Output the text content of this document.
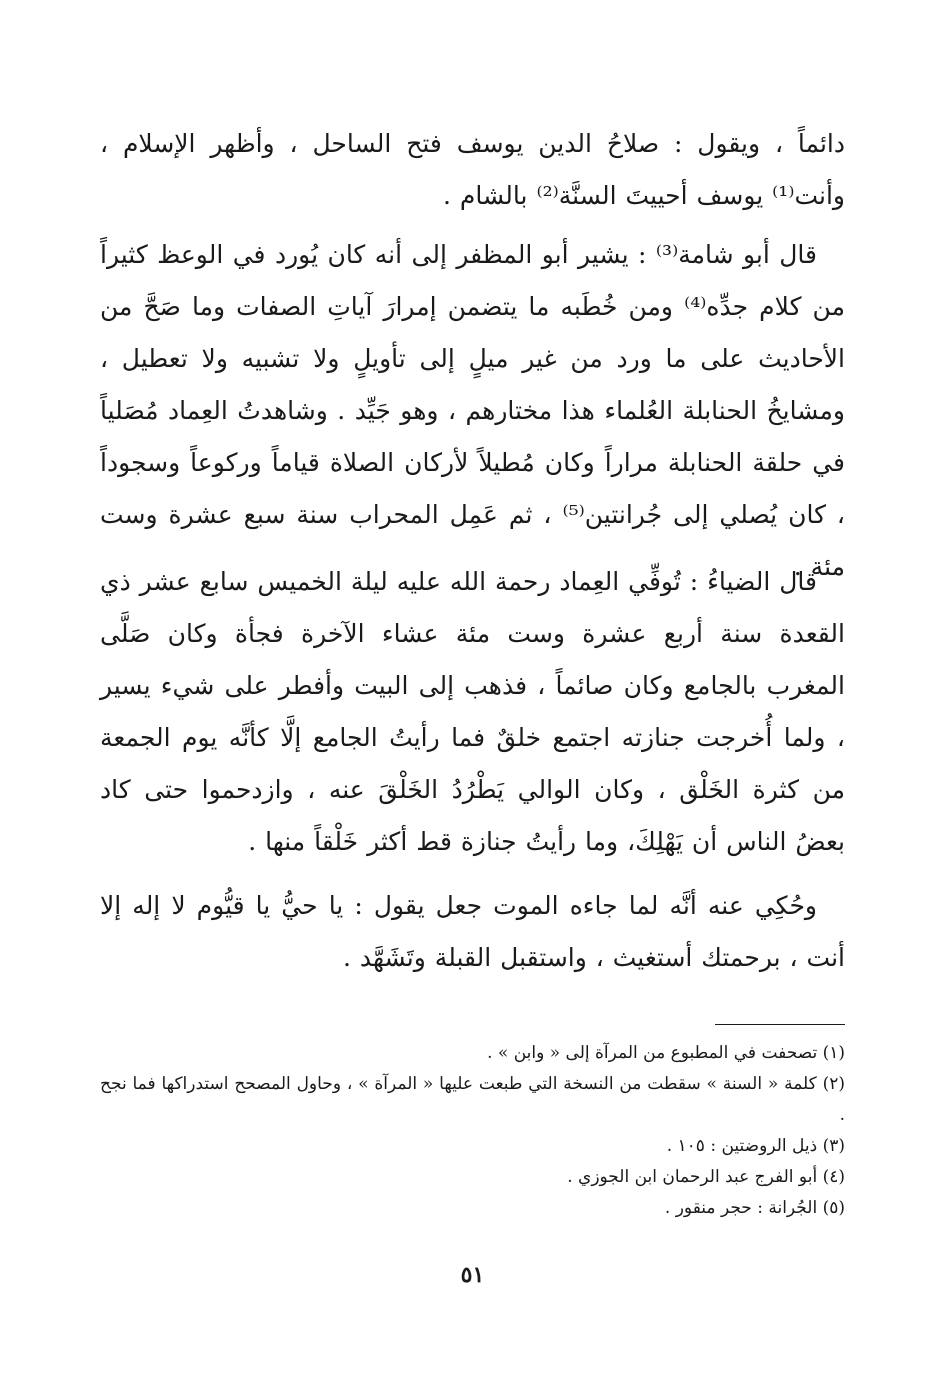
دائماً ، ويقول : صلاحُ الدين يوسف فتح الساحل ، وأظهر الإسلام ، وأنت⁽¹⁾ يوسف أحييتَ السنَّة⁽²⁾ بالشام .

قال أبو شامة⁽³⁾ : يشير أبو المظفر إلى أنه كان يُورد في الوعظ كثيراً من كلام جدِّه⁽⁴⁾ ومن خُطَبه ما يتضمن إمرارَ آياتِ الصفات وما صَحَّ من الأحاديث على ما ورد من غير ميلٍ إلى تأويلٍ ولا تشبيه ولا تعطيل ، ومشايخُ الحنابلة العُلماء هذا مختارهم ، وهو جَيِّد . وشاهدتُ العِماد مُصَلياً في حلقة الحنابلة مراراً وكان مُطيلاً لأركان الصلاة قياماً وركوعاً وسجوداً ، كان يُصلي إلى جُرانتين⁽⁵⁾ ، ثم عَمِل المحراب سنة سبع عشرة وست مئة .

قال الضياءُ : تُوفِّي العِماد رحمة الله عليه ليلة الخميس سابع عشر ذي القعدة سنة أربع عشرة وست مئة عشاء الآخرة فجأة وكان صَلَّى المغرب بالجامع وكان صائماً ، فذهب إلى البيت وأفطر على شيء يسير ، ولما أُخرجت جنازته اجتمع خلقٌ فما رأيتُ الجامع إلَّا كأنَّه يوم الجمعة من كثرة الخَلْق ، وكان الوالي يَطْرُدُ الخَلْقَ عنه ، وازدحموا حتى كاد بعضُ الناس أن يَهْلِكَ، وما رأيتُ جنازة قط أكثر خَلْقاً منها .

وحُكِي عنه أنَّه لما جاءه الموت جعل يقول : يا حيُّ يا قيُّوم لا إله إلا أنت ، برحمتك أستغيث ، واستقبل القبلة وتَشَهَّد .

(١) تصحفت في المطبوع من المرآة إلى « وابن » .

(٢) كلمة « السنة » سقطت من النسخة التي طبعت عليها « المرآة » ، وحاول المصحح استدراكها فما نجح .

(٣) ذيل الروضتين : ١٠٥ .

(٤) أبو الفرج عبد الرحمان ابن الجوزي .

(٥) الجُرانة : حجر منقور .

٥١
